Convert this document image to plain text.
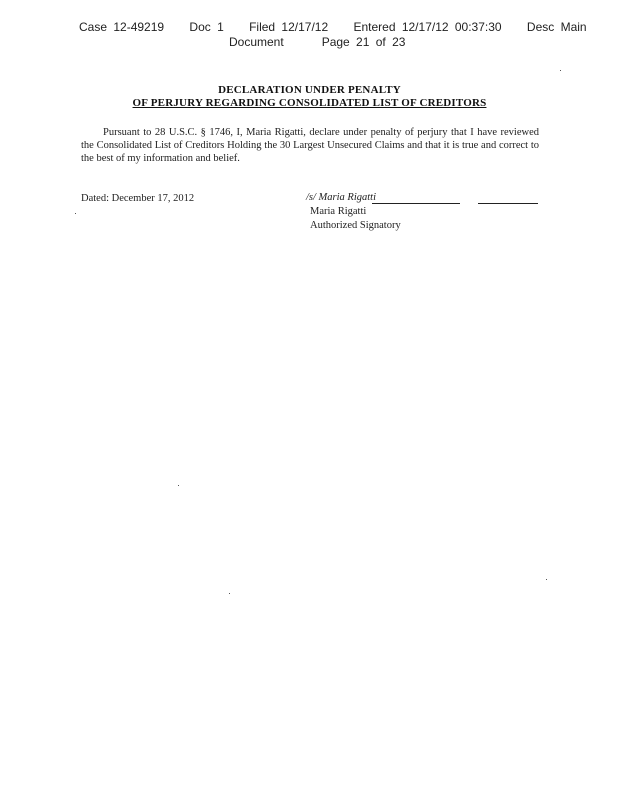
Case 12-49219    Doc 1    Filed 12/17/12    Entered 12/17/12 00:37:30    Desc Main
Document      Page 21 of 23
DECLARATION UNDER PENALTY
OF PERJURY REGARDING CONSOLIDATED LIST OF CREDITORS
Pursuant to 28 U.S.C. § 1746, I, Maria Rigatti, declare under penalty of perjury that I have reviewed the Consolidated List of Creditors Holding the 30 Largest Unsecured Claims and that it is true and correct to the best of my information and belief.
Dated: December 17, 2012	/s/ Maria Rigatti
Maria Rigatti
Authorized Signatory
